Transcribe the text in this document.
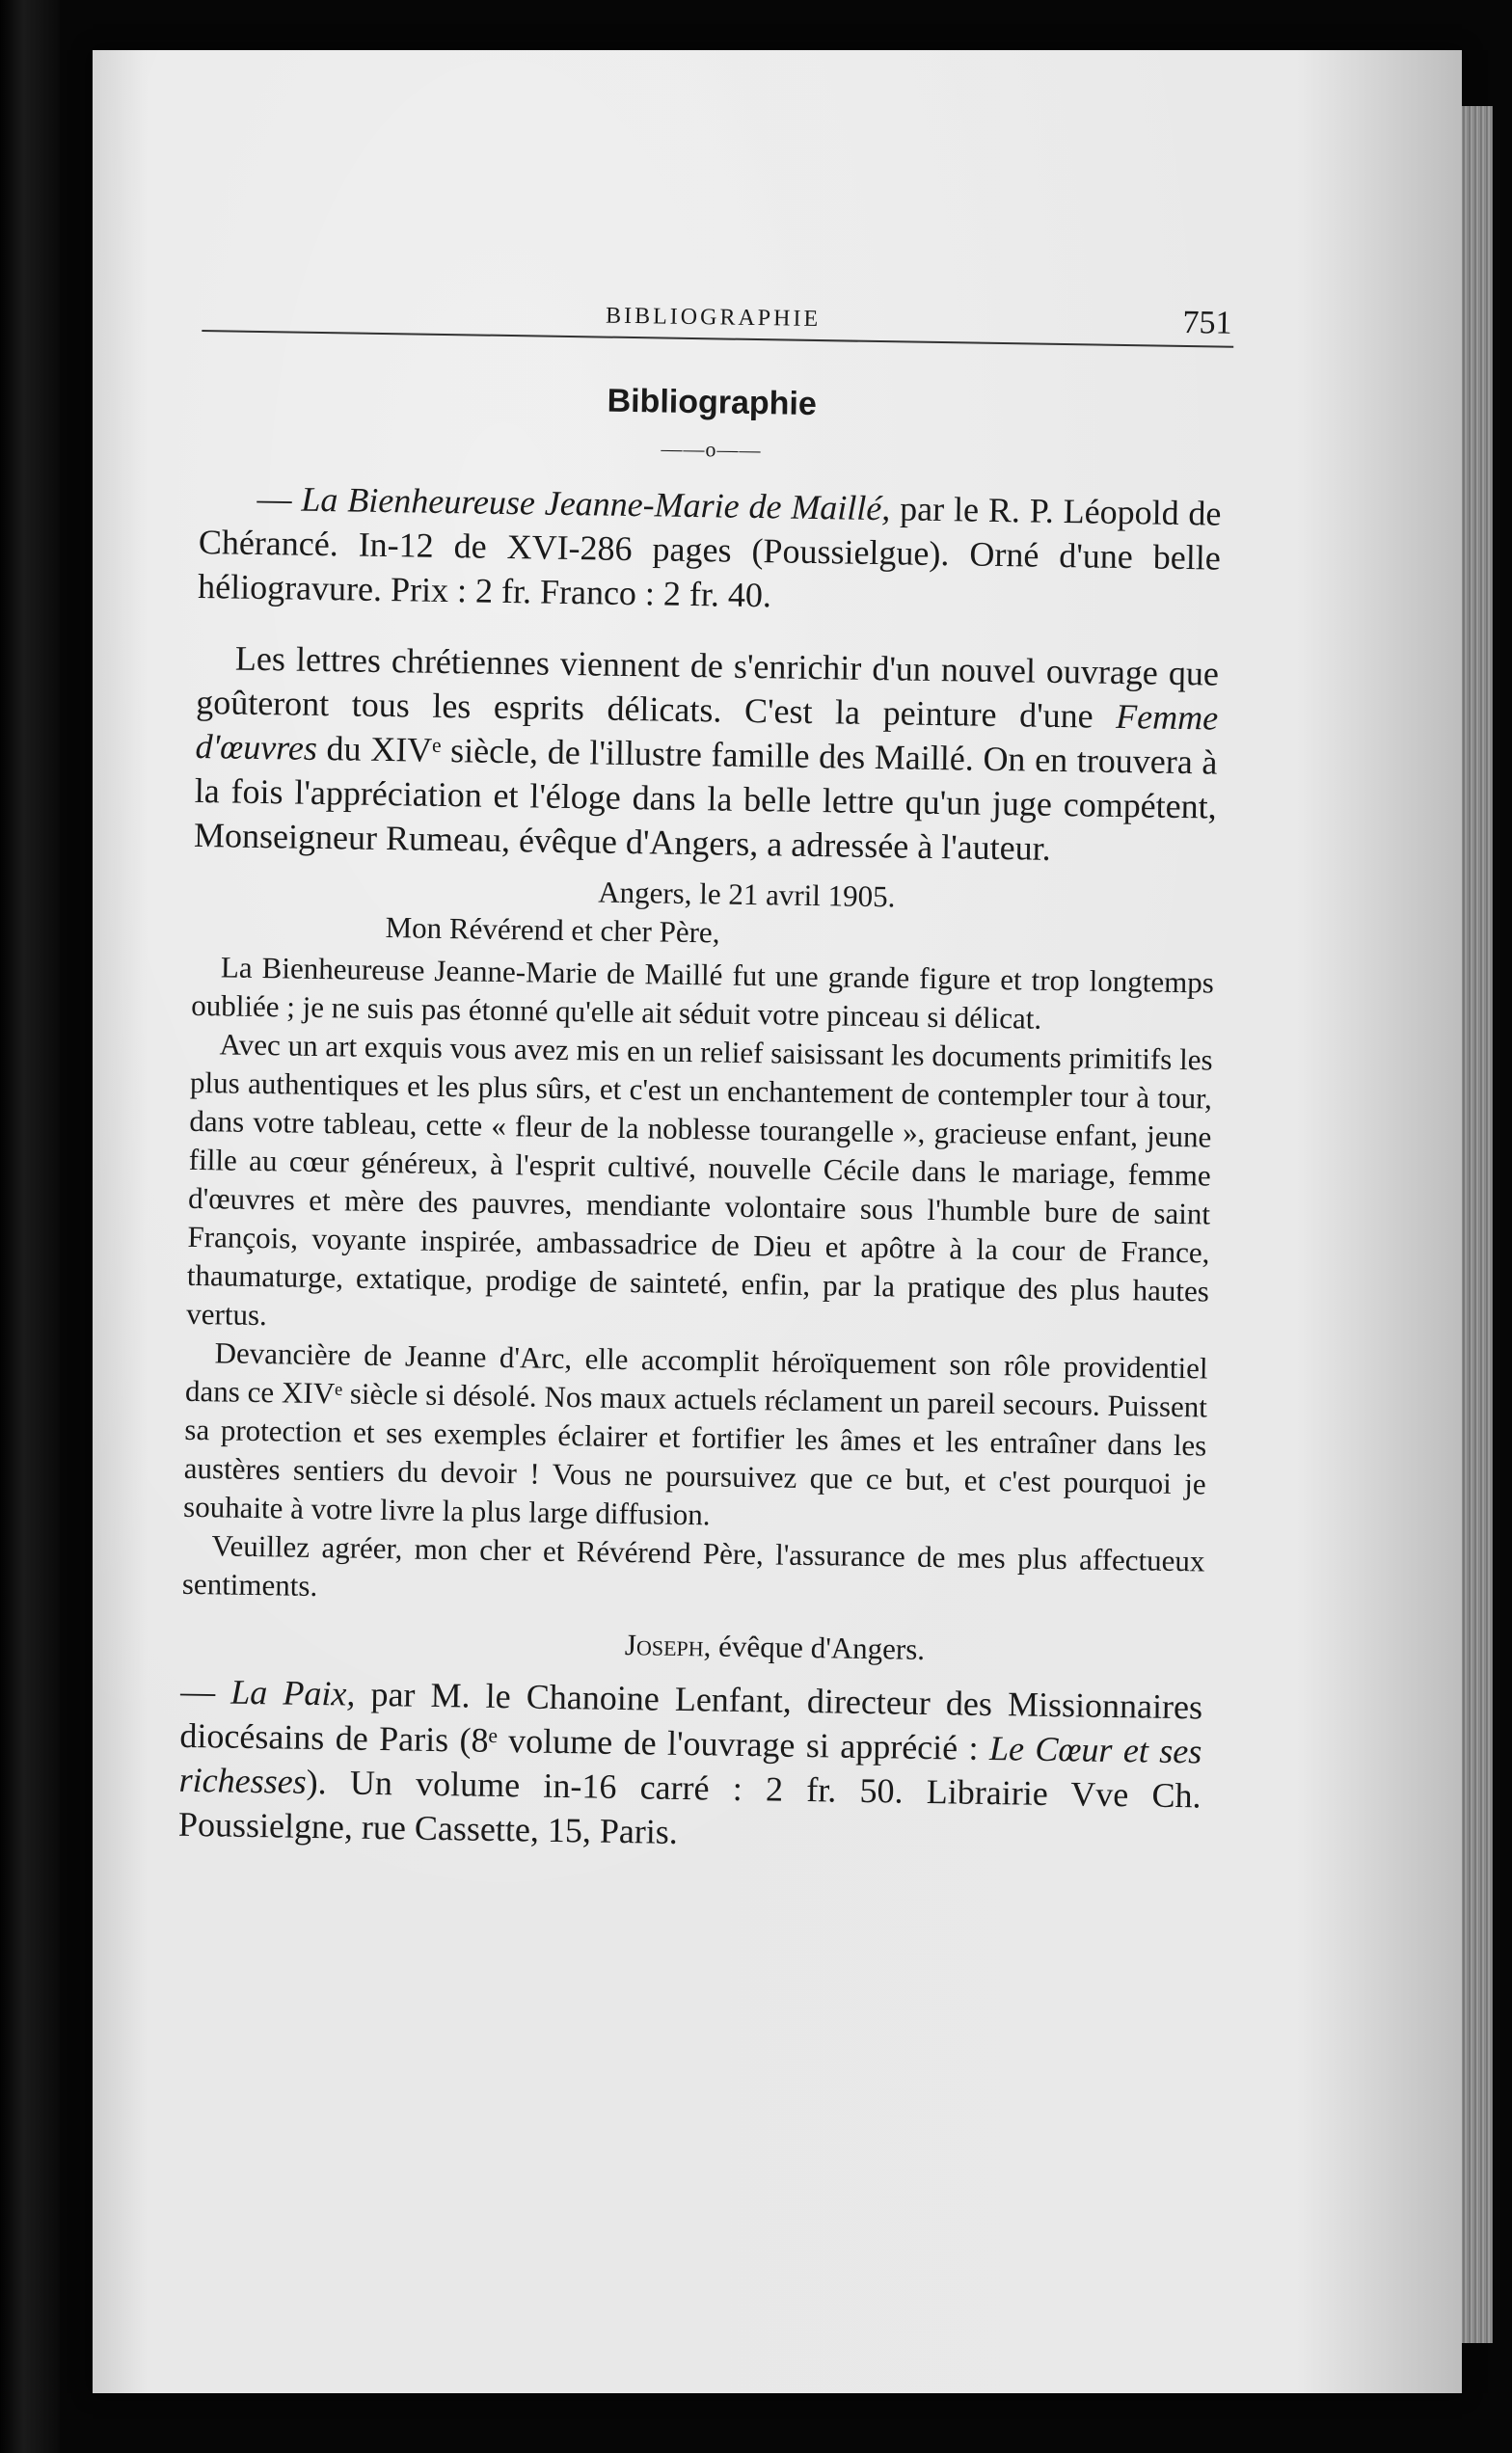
BIBLIOGRAPHIE	751
Bibliographie
——o——

— La Bienheureuse Jeanne-Marie de Maillé, par le R. P. Léopold de Chérancé. In-12 de XVI-286 pages (Poussielgue). Orné d'une belle héliogravure. Prix : 2 fr. Franco : 2 fr. 40.

Les lettres chrétiennes viennent de s'enrichir d'un nouvel ouvrage que goûteront tous les esprits délicats. C'est la peinture d'une Femme d'œuvres du XIVᵉ siècle, de l'illustre famille des Maillé. On en trouvera à la fois l'appréciation et l'éloge dans la belle lettre qu'un juge compétent, Monseigneur Rumeau, évêque d'Angers, a adressée à l'auteur.

Angers, le 21 avril 1905.

Mon Révérend et cher Père,

La Bienheureuse Jeanne-Marie de Maillé fut une grande figure et trop longtemps oubliée ; je ne suis pas étonné qu'elle ait séduit votre pinceau si délicat.

Avec un art exquis vous avez mis en un relief saisissant les documents primitifs les plus authentiques et les plus sûrs, et c'est un enchantement de contempler tour à tour, dans votre tableau, cette « fleur de la noblesse tourangelle », gracieuse enfant, jeune fille au cœur généreux, à l'esprit cultivé, nouvelle Cécile dans le mariage, femme d'œuvres et mère des pauvres, mendiante volontaire sous l'humble bure de saint François, voyante inspirée, ambassadrice de Dieu et apôtre à la cour de France, thaumaturge, extatique, prodige de sainteté, enfin, par la pratique des plus hautes vertus.

Devancière de Jeanne d'Arc, elle accomplit héroïquement son rôle providentiel dans ce XIVᵉ siècle si désolé. Nos maux actuels réclament un pareil secours. Puissent sa protection et ses exemples éclairer et fortifier les âmes et les entraîner dans les austères sentiers du devoir ! Vous ne poursuivez que ce but, et c'est pourquoi je souhaite à votre livre la plus large diffusion.

Veuillez agréer, mon cher et Révérend Père, l'assurance de mes plus affectueux sentiments.

Joseph, évêque d'Angers.

— La Paix, par M. le Chanoine Lenfant, directeur des Missionnaires diocésains de Paris (8ᵉ volume de l'ouvrage si apprécié : Le Cœur et ses richesses). Un volume in-16 carré : 2 fr. 50. Librairie Vve Ch. Poussielgne, rue Cassette, 15, Paris.
